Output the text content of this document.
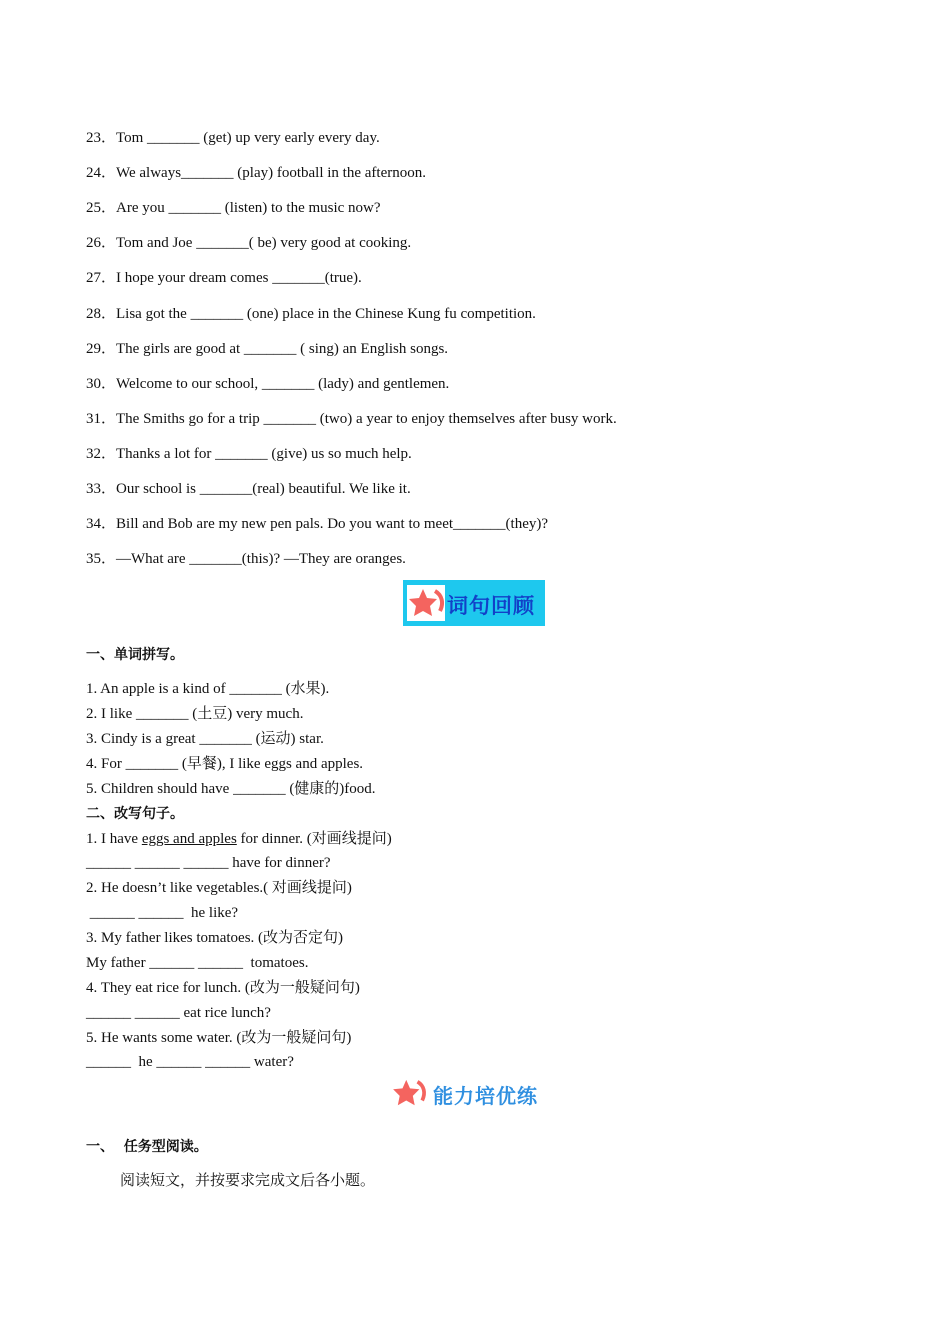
23．Tom _______ (get) up very early every day.
24．We always_______ (play) football in the afternoon.
25．Are you _______ (listen) to the music now?
26．Tom and Joe _______( be) very good at cooking.
27．I hope your dream comes _______(true).
28．Lisa got the _______ (one) place in the Chinese Kung fu competition.
29．The girls are good at _______ ( sing) an English songs.
30．Welcome to our school, _______ (lady) and gentlemen.
31．The Smiths go for a trip _______ (two) a year to enjoy themselves after busy work.
32．Thanks a lot for _______ (give) us so much help.
33．Our school is _______(real) beautiful. We like it.
34．Bill and Bob are my new pen pals. Do you want to meet_______(they)?
35．—What are _______(this)? —They are oranges.
词句回顾
一、单词拼写。
1. An apple is a kind of _______ (水果).
2. I like _______ (土豆) very much.
3. Cindy is a great _______ (运动) star.
4. For _______ (早餐), I like eggs and apples.
5. Children should have _______ (健康的)food.
二、改写句子。
1. I have eggs and apples for dinner. (对画线提问)
______ ______ ______ have for dinner?
2. He doesn’t like vegetables.( 对画线提问)
______ ______  he like?
3. My father likes tomatoes. (改为否定句)
My father ______ ______  tomatoes.
4. They eat rice for lunch. (改为一般疑问句)
______ ______ eat rice lunch?
5. He wants some water. (改为一般疑问句)
______  he ______ ______ water?
能力培优练
一、  任务型阅读。
阅读短文，并按要求完成文后各小题。
